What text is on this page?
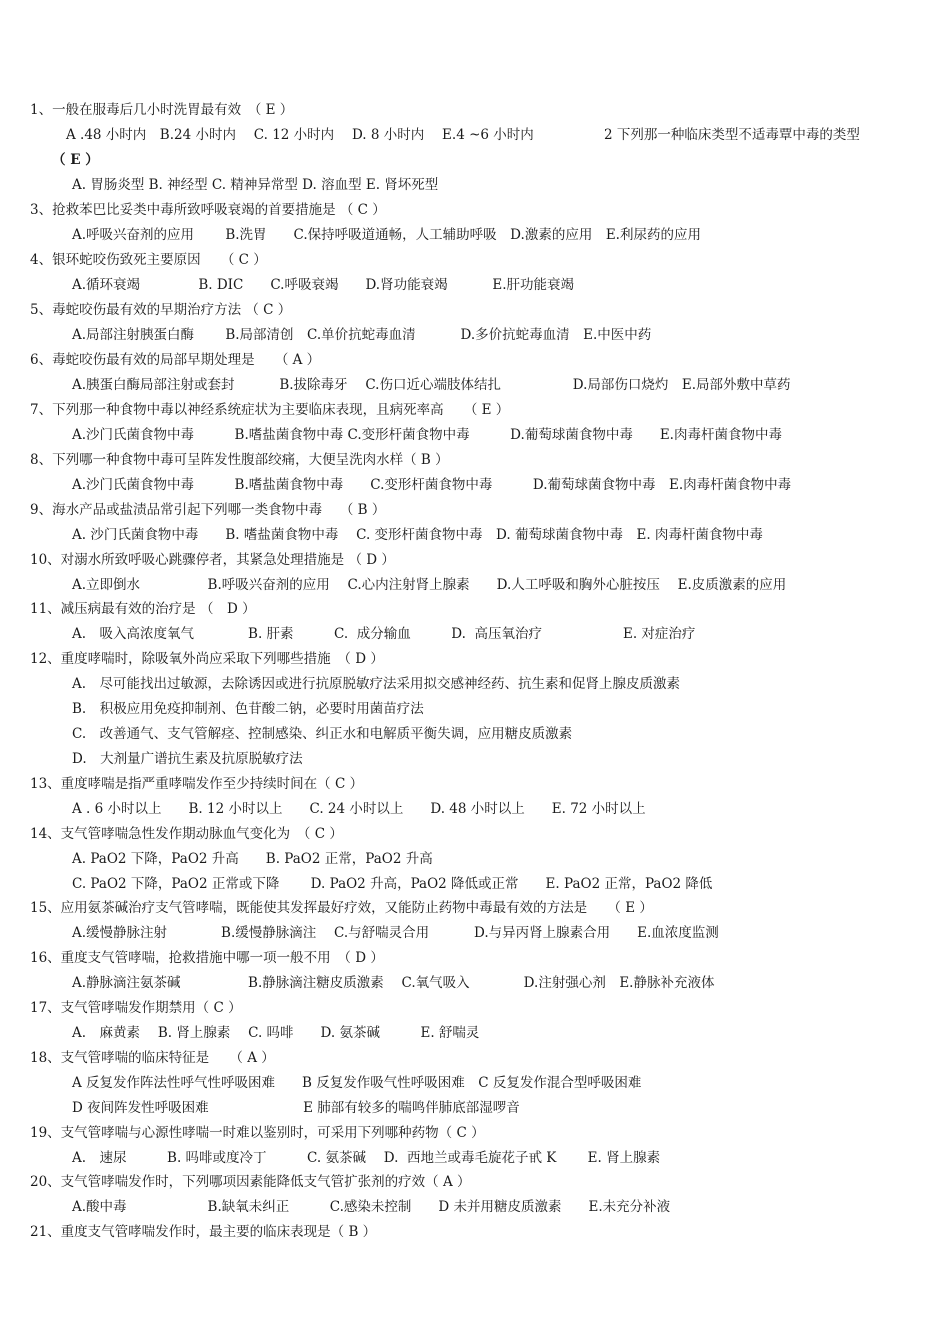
1、一般在服毒后几小时洗胃最有效　（ E ）
A .48 小时内　B.24 小时内　 C. 12 小时内　 D. 8 小时内　 E.4 ~6 小时内	2 下列那一种临床类型不适毒覃中毒的类型
（ E ）
A. 胃肠炎型 B. 神经型 C. 精神异常型 D. 溶血型 E. 肾坏死型
3、抢救苯巴比妥类中毒所致呼吸衰竭的首要措施是 （ C ）
A.呼吸兴奋剂的应用　　 B.洗胃　　C.保持呼吸道通畅，人工辅助呼吸　D.激素的应用　E.利尿药的应用
4、银环蛇咬伤致死主要原因　　（ C ）
A.循环衰竭　　　　 B. DIC　　C.呼吸衰竭　　D.肾功能衰竭　　　 E.肝功能衰竭
5、毒蛇咬伤最有效的早期治疗方法 （ C ）
A.局部注射胰蛋白酶　　 B.局部清创　C.单价抗蛇毒血清　　　 D.多价抗蛇毒血清　E.中医中药
6、毒蛇咬伤最有效的局部早期处理是　　（ A ）
A.胰蛋白酶局部注射或套封　　　 B.拔除毒牙　 C.伤口近心端肢体结扎　　　　　 D.局部伤口烧灼　E.局部外敷中草药
7、下列那一种食物中毒以神经系统症状为主要临床表现，且病死率高　　（ E ）
A.沙门氏菌食物中毒　　　B.嗜盐菌食物中毒 C.变形杆菌食物中毒　　　D.葡萄球菌食物中毒　　E.肉毒杆菌食物中毒
8、下列哪一种食物中毒可呈阵发性腹部绞痛，大便呈洗肉水样（ B ）
A.沙门氏菌食物中毒　　　B.嗜盐菌食物中毒　　C.变形杆菌食物中毒　　　D.葡萄球菌食物中毒　E.肉毒杆菌食物中毒
9、海水产品或盐渍品常引起下列哪一类食物中毒　 （ B ）
A. 沙门氏菌食物中毒　　B. 嗜盐菌食物中毒　 C. 变形杆菌食物中毒　D. 葡萄球菌食物中毒　E. 肉毒杆菌食物中毒
10、对溺水所致呼吸心跳骤停者，其紧急处理措施是 （ D ）
A.立即倒水　　　　　B.呼吸兴奋剂的应用　 C.心内注射肾上腺素　　D.人工呼吸和胸外心脏按压　 E.皮质激素的应用
11、减压病最有效的治疗是 （　D ）
A.　吸入高浓度氧气　　　　B. 肝素　　　C.  成分输血　　　D.  高压氧治疗　　　　　　E. 对症治疗
12、重度哮喘时，除吸氧外尚应采取下列哪些措施　（ D ）
A.　尽可能找出过敏源，去除诱因或进行抗原脱敏疗法采用拟交感神经药、抗生素和促肾上腺皮质激素
B.　积极应用免疫抑制剂、色苷酸二钠，必要时用菌苗疗法
C.　改善通气、支气管解痉、控制感染、纠正水和电解质平衡失调，应用糖皮质激素
D.　大剂量广谱抗生素及抗原脱敏疗法
13、重度哮喘是指严重哮喘发作至少持续时间在（ C ）
A . 6 小时以上　　B. 12 小时以上　　C. 24 小时以上　　D. 48 小时以上　　E. 72 小时以上
14、支气管哮喘急性发作期动脉血气变化为　（ C ）
A. PaO2 下降，PaO2 升高　　B. PaO2 正常，PaO2 升高
C. PaO2 下降，PaO2 正常或下降　　 D. PaO2 升高，PaO2 降低或正常　　E. PaO2 正常，PaO2 降低
15、应用氨茶碱治疗支气管哮喘，既能使其发挥最好疗效，又能防止药物中毒最有效的方法是　　（ E ）
A.缓慢静脉注射　　　　B.缓慢静脉滴注　 C.与舒喘灵合用　　　 D.与异丙肾上腺素合用　　E.血浓度监测
16、重度支气管哮喘，抢救措施中哪一项一般不用　（ D ）
A.静脉滴注氨茶碱　　　　　B.静脉滴注糖皮质激素　 C.氧气吸入　　　　D.注射强心剂　E.静脉补充液体
17、支气管哮喘发作期禁用（ C ）
A.　麻黄素　 B. 肾上腺素　 C. 吗啡　　D. 氨茶碱　　　E. 舒喘灵
18、支气管哮喘的临床特征是　　（ A ）
A 反复发作阵法性呼气性呼吸困难　　B 反复发作吸气性呼吸困难　C 反复发作混合型呼吸困难
D 夜间阵发性呼吸困难　　　　　　　E 肺部有较多的喘鸣伴肺底部湿啰音
19、支气管哮喘与心源性哮喘一时难以鉴别时，可采用下列哪种药物（ C ）
A.　速尿　　　B. 吗啡或度冷丁　　　C. 氨茶碱　 D.  西地兰或毒毛旋花子甙 K　　 E. 肾上腺素
20、支气管哮喘发作时，下列哪项因素能降低支气管扩张剂的疗效（ A ）
A.酸中毒　　　　　　B.缺氧未纠正　　　C.感染未控制　　D 未并用糖皮质激素　　E.未充分补液
21、重度支气管哮喘发作时，最主要的临床表现是（ B ）
